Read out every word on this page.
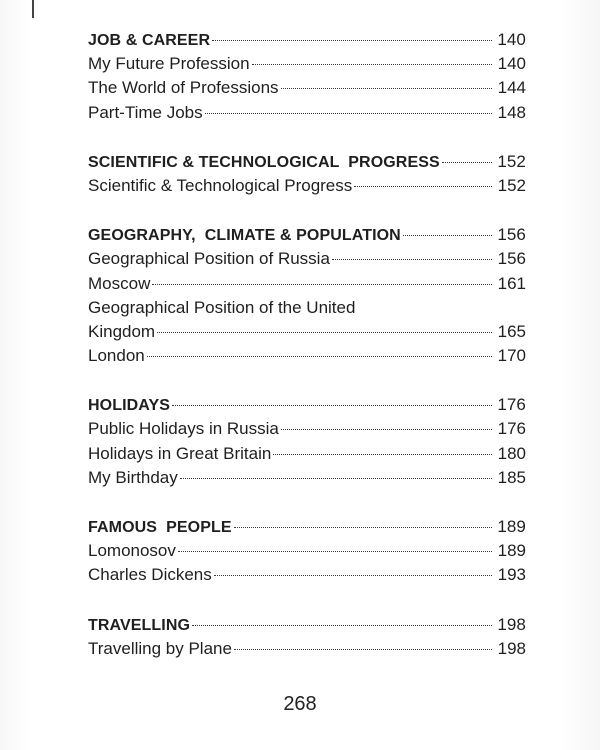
JOB & CAREER	140
My Future Profession	140
The World of Professions	144
Part-Time Jobs	148
SCIENTIFIC & TECHNOLOGICAL  PROGRESS	152
Scientific & Technological Progress	152
GEOGRAPHY,  CLIMATE & POPULATION	156
Geographical Position of Russia	156
Moscow	161
Geographical Position of the United
Kingdom	165
London	170
HOLIDAYS	176
Public Holidays in Russia	176
Holidays in Great Britain	180
My Birthday	185
FAMOUS  PEOPLE	189
Lomonosov	189
Charles Dickens	193
TRAVELLING	198
Travelling by Plane	198
268
